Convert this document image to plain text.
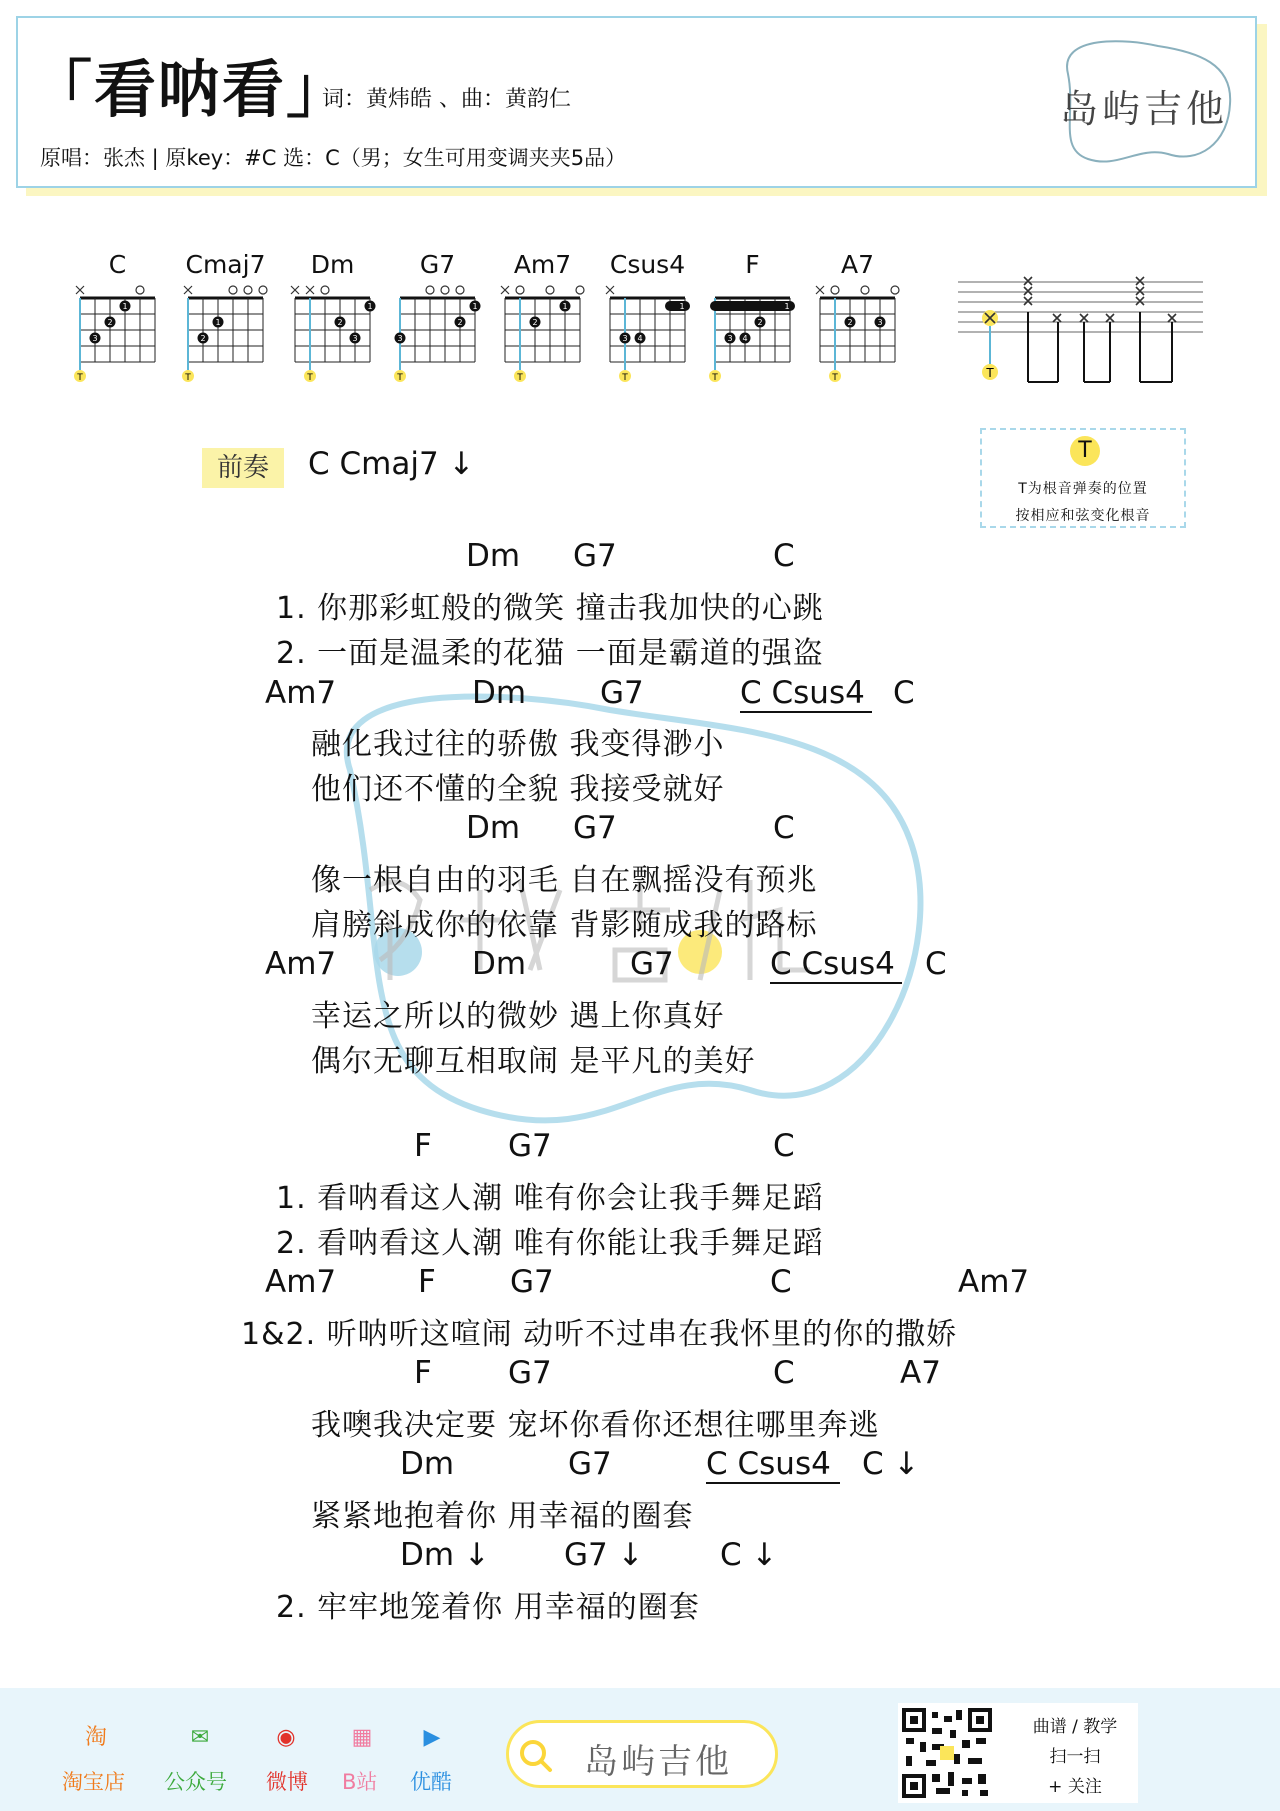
「看呐看」
词：黄炜皓 、曲：黄韵仁
原唱：张杰 | 原key：#C 选：C（男；女生可用变调夹夹5品）
岛屿吉他
C
T
1
2
3
Cmaj7
T
1
2
Dm
T
1
2
3
G7
T
1
2
3
Am7
T
1
2
Csus4
T
1
3 4
F
T
1
2
3 4
A7
T
2	3
T
T
T为根音弹奏的位置
按相应和弦变化根音
前奏	C Cmaj7 ↓
Dm G7	C
1. 你那彩虹般的微笑 撞击我加快的心跳
2. 一面是温柔的花猫 一面是霸道的强盗
Am7	Dm G7	C Csus4 C
融化我过往的骄傲 我变得渺小
他们还不懂的全貌 我接受就好
Dm G7	C
像一根自由的羽毛 自在飘摇没有预兆
肩膀斜成你的依靠 背影随成我的路标
Am7	Dm	G7	C Csus4 C
幸运之所以的微妙 遇上你真好
偶尔无聊互相取闹 是平凡的美好
F G7	C
1. 看呐看这人潮 唯有你会让我手舞足蹈
2. 看呐看这人潮 唯有你能让我手舞足蹈
Am7	F G7	C	Am7
1&2. 听呐听这喧闹 动听不过串在我怀里的你的撒娇
F G7	C	A7
我噢我决定要 宠坏你看你还想往哪里奔逃
Dm	G7	C Csus4 C ↓
紧紧地抱着你 用幸福的圈套
Dm ↓ G7 ↓ C ↓
2. 牢牢地笼着你 用幸福的圈套
淘
淘宝店
✉
公众号
◉
微博
▦
B站
▶
优酷	岛屿吉他
曲谱 / 教学
扫一扫
+ 关注
